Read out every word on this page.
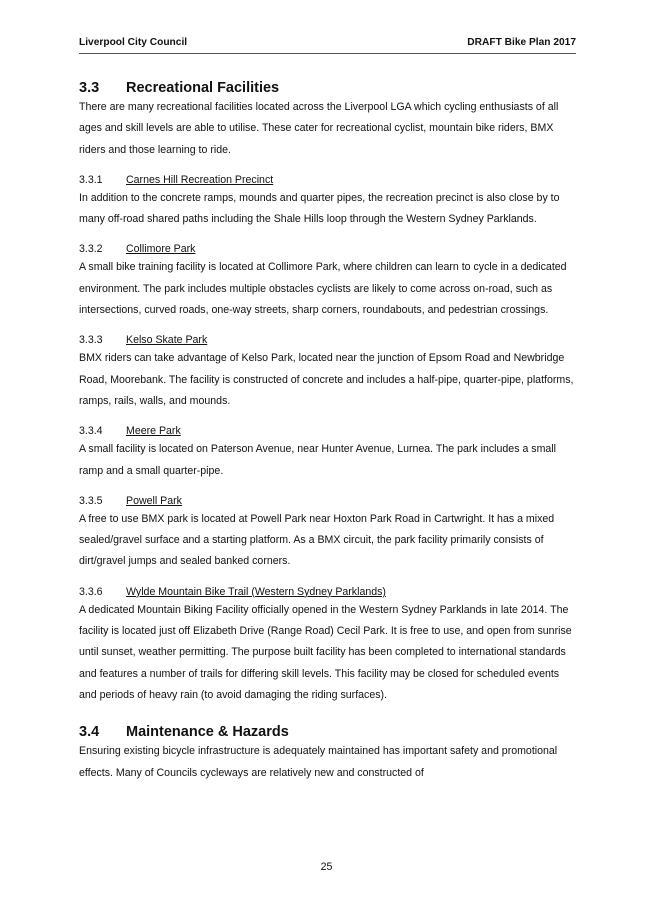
Liverpool City Council	DRAFT Bike Plan 2017
3.3	Recreational Facilities

There are many recreational facilities located across the Liverpool LGA which cycling enthusiasts of all ages and skill levels are able to utilise. These cater for recreational cyclist, mountain bike riders, BMX riders and those learning to ride.

3.3.1	Carnes Hill Recreation Precinct

In addition to the concrete ramps, mounds and quarter pipes, the recreation precinct is also close by to many off-road shared paths including the Shale Hills loop through the Western Sydney Parklands.

3.3.2	Collimore Park

A small bike training facility is located at Collimore Park, where children can learn to cycle in a dedicated environment. The park includes multiple obstacles cyclists are likely to come across on-road, such as intersections, curved roads, one-way streets, sharp corners, roundabouts, and pedestrian crossings.

3.3.3	Kelso Skate Park

BMX riders can take advantage of Kelso Park, located near the junction of Epsom Road and Newbridge Road, Moorebank. The facility is constructed of concrete and includes a half-pipe, quarter-pipe, platforms, ramps, rails, walls, and mounds.

3.3.4	Meere Park

A small facility is located on Paterson Avenue, near Hunter Avenue, Lurnea. The park includes a small ramp and a small quarter-pipe.

3.3.5	Powell Park

A free to use BMX park is located at Powell Park near Hoxton Park Road in Cartwright. It has a mixed sealed/gravel surface and a starting platform. As a BMX circuit, the park facility primarily consists of dirt/gravel jumps and sealed banked corners.

3.3.6	Wylde Mountain Bike Trail (Western Sydney Parklands)

A dedicated Mountain Biking Facility officially opened in the Western Sydney Parklands in late 2014. The facility is located just off Elizabeth Drive (Range Road) Cecil Park. It is free to use, and open from sunrise until sunset, weather permitting. The purpose built facility has been completed to international standards and features a number of trails for differing skill levels. This facility may be closed for scheduled events and periods of heavy rain (to avoid damaging the riding surfaces).

3.4	Maintenance & Hazards

Ensuring existing bicycle infrastructure is adequately maintained has important safety and promotional effects. Many of Councils cycleways are relatively new and constructed of

25
